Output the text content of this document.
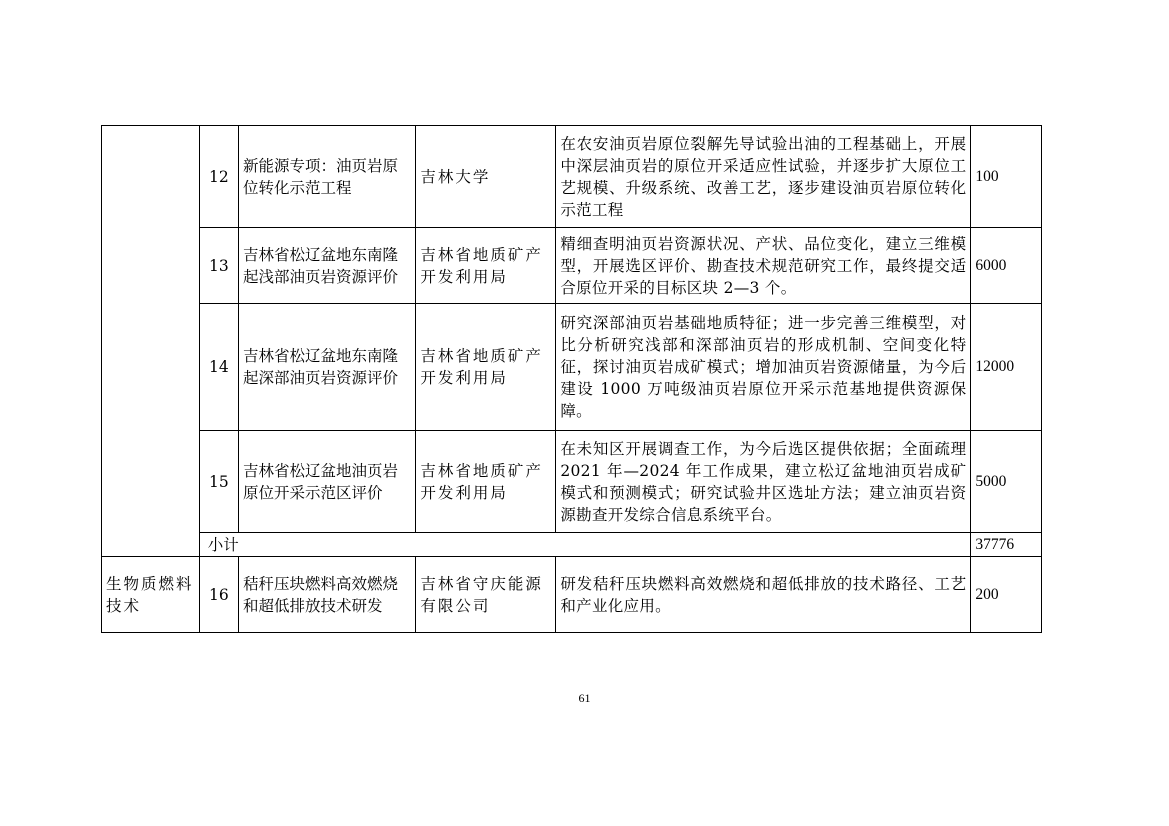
	12	新能源专项：油页岩原位转化示范工程	吉林大学	在农安油页岩原位裂解先导试验出油的工程基础上，开展中深层油页岩的原位开采适应性试验，并逐步扩大原位工艺规模、升级系统、改善工艺，逐步建设油页岩原位转化示范工程	100
	13	吉林省松辽盆地东南隆起浅部油页岩资源评价	吉林省地质矿产开发利用局	精细查明油页岩资源状况、产状、品位变化，建立三维模型，开展选区评价、勘查技术规范研究工作，最终提交适合原位开采的目标区块 2—3 个。	6000
	14	吉林省松辽盆地东南隆起深部油页岩资源评价	吉林省地质矿产开发利用局	研究深部油页岩基础地质特征；进一步完善三维模型，对比分析研究浅部和深部油页岩的形成机制、空间变化特征，探讨油页岩成矿模式；增加油页岩资源储量，为今后建设 1000 万吨级油页岩原位开采示范基地提供资源保障。	12000
	15	吉林省松辽盆地油页岩原位开采示范区评价	吉林省地质矿产开发利用局	在未知区开展调查工作，为今后选区提供依据；全面疏理 2021 年—2024 年工作成果，建立松辽盆地油页岩成矿模式和预测模式；研究试验井区选址方法；建立油页岩资源勘查开发综合信息系统平台。	5000
	小计				37776
生物质燃料技术	16	秸秆压块燃料高效燃烧和超低排放技术研发	吉林省守庆能源有限公司	研发秸秆压块燃料高效燃烧和超低排放的技术路径、工艺和产业化应用。	200
61
